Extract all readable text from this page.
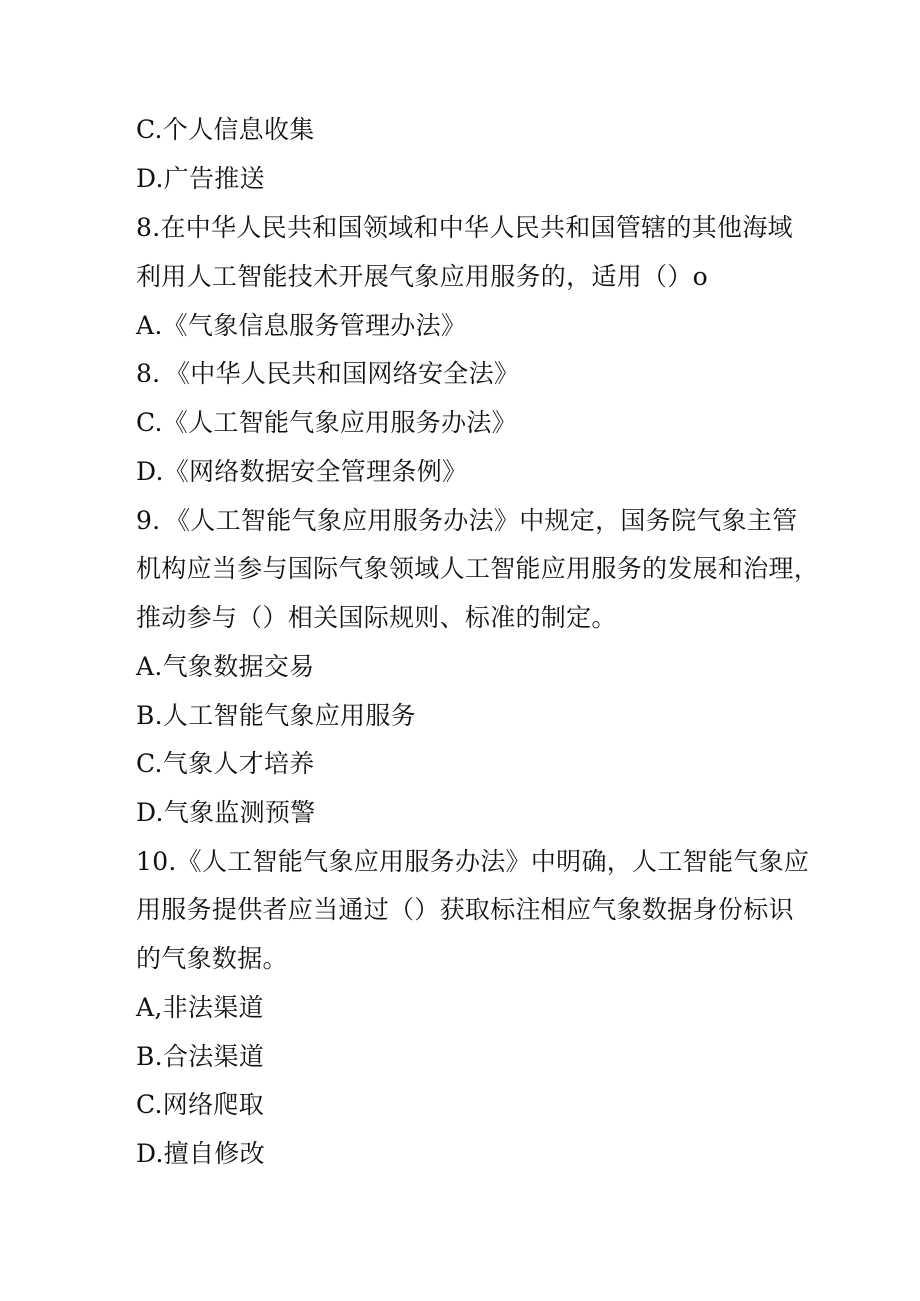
C.个人信息收集
D.广告推送
8.在中华人民共和国领域和中华人民共和国管辖的其他海域
利用人工智能技术开展气象应用服务的，适用（）o
A.《气象信息服务管理办法》
8．《中华人民共和国网络安全法》
C.《人工智能气象应用服务办法》
D.《网络数据安全管理条例》
9．《人工智能气象应用服务办法》中规定，国务院气象主管
机构应当参与国际气象领域人工智能应用服务的发展和治理，
推动参与（）相关国际规则、标准的制定。
A.气象数据交易
B.人工智能气象应用服务
C.气象人才培养
D.气象监测预警
10.《人工智能气象应用服务办法》中明确，人工智能气象应
用服务提供者应当通过（）获取标注相应气象数据身份标识
的气象数据。
A,非法渠道
B.合法渠道
C.网络爬取
D.擅自修改
